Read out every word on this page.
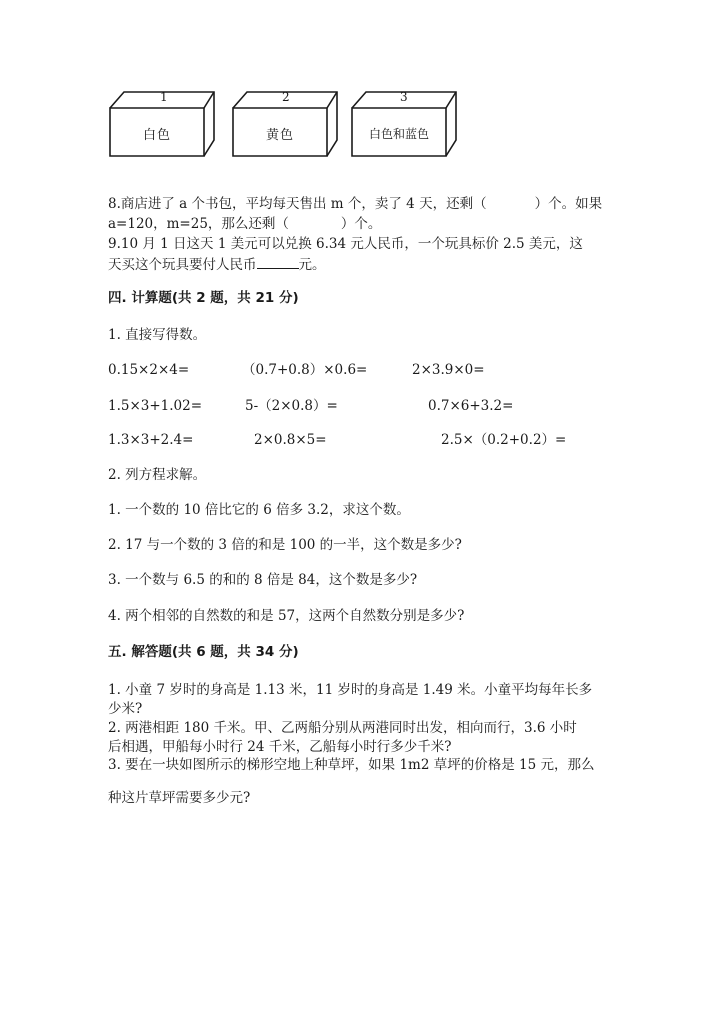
1
白色
2
黄色
3
白色和蓝色
8.商店进了 a 个书包，平均每天售出 m 个，卖了 4 天，还剩（	）个。如果
a=120，m=25，那么还剩（	）个。
9.10 月 1 日这天 1 美元可以兑换 6.34 元人民币，一个玩具标价 2.5 美元，这
天买这个玩具要付人民币	元。
四. 计算题(共 2 题，共 21 分)
1. 直接写得数。
0.15×2×4=	（0.7+0.8）×0.6=	2×3.9×0=
1.5×3+1.02=	5-（2×0.8）=	0.7×6+3.2=
1.3×3+2.4=	2×0.8×5=	2.5×（0.2+0.2）=
2. 列方程求解。
1. 一个数的 10 倍比它的 6 倍多 3.2，求这个数。
2. 17 与一个数的 3 倍的和是 100 的一半，这个数是多少?
3. 一个数与 6.5 的和的 8 倍是 84，这个数是多少?
4. 两个相邻的自然数的和是 57，这两个自然数分别是多少?
五. 解答题(共 6 题，共 34 分)
1. 小童 7 岁时的身高是 1.13 米，11 岁时的身高是 1.49 米。小童平均每年长多
少米?
2. 两港相距 180 千米。甲、乙两船分别从两港同时出发，相向而行，3.6 小时
后相遇，甲船每小时行 24 千米，乙船每小时行多少千米?
3. 要在一块如图所示的梯形空地上种草坪，如果 1m2 草坪的价格是 15 元，那么
种这片草坪需要多少元?
